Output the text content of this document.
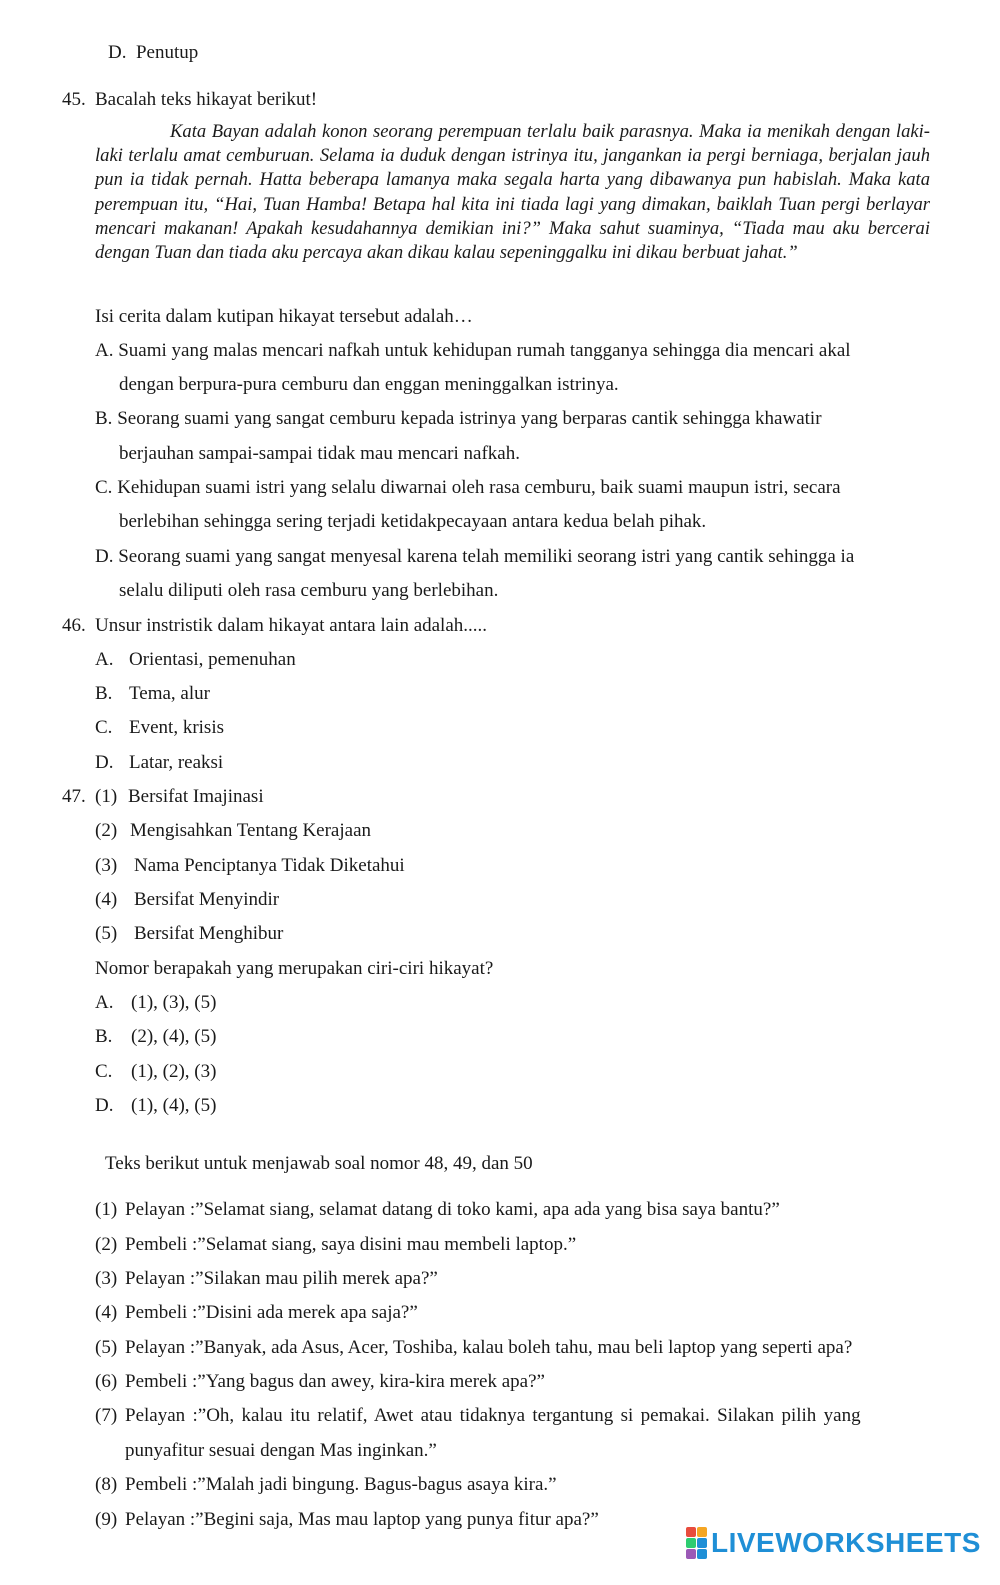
D. Penutup
45. Bacalah teks hikayat berikut!
Kata Bayan adalah konon seorang perempuan terlalu baik parasnya. Maka ia menikah dengan laki-laki terlalu amat cemburuan. Selama ia duduk dengan istrinya itu, jangankan ia pergi berniaga, berjalan jauh pun ia tidak pernah. Hatta beberapa lamanya maka segala harta yang dibawanya pun habislah. Maka kata perempuan itu, “Hai, Tuan Hamba! Betapa hal kita ini tiada lagi yang dimakan, baiklah Tuan pergi berlayar mencari makanan! Apakah kesudahannya demikian ini?” Maka sahut suaminya, “Tiada mau aku bercerai dengan Tuan dan tiada aku percaya akan dikau kalau sepeninggalku ini dikau berbuat jahat.”
Isi cerita dalam kutipan hikayat tersebut adalah…
A. Suami yang malas mencari nafkah untuk kehidupan rumah tangganya sehingga dia mencari akal
dengan berpura-pura cemburu dan enggan meninggalkan istrinya.
B. Seorang suami yang sangat cemburu kepada istrinya yang berparas cantik sehingga khawatir
berjauhan sampai-sampai tidak mau mencari nafkah.
C. Kehidupan suami istri yang selalu diwarnai oleh rasa cemburu, baik suami maupun istri, secara
berlebihan sehingga sering terjadi ketidakpecayaan antara kedua belah pihak.
D. Seorang suami yang sangat menyesal karena telah memiliki seorang istri yang cantik sehingga ia
selalu diliputi oleh rasa cemburu yang berlebihan.
46. Unsur instristik dalam hikayat antara lain adalah.....
A. Orientasi, pemenuhan
B. Tema, alur
C. Event, krisis
D. Latar, reaksi
47. (1) Bersifat Imajinasi
(2) Mengisahkan Tentang Kerajaan
(3) Nama Penciptanya Tidak Diketahui
(4) Bersifat Menyindir
(5) Bersifat Menghibur
Nomor berapakah yang merupakan ciri-ciri hikayat?
A. (1), (3), (5)
B. (2), (4), (5)
C. (1), (2), (3)
D. (1), (4), (5)
Teks berikut untuk menjawab soal nomor 48, 49, dan 50
(1) Pelayan :”Selamat siang, selamat datang di toko kami, apa ada yang bisa saya bantu?”
(2) Pembeli :”Selamat siang, saya disini mau membeli laptop.”
(3) Pelayan :”Silakan mau pilih merek apa?”
(4) Pembeli :”Disini ada merek apa saja?”
(5) Pelayan :”Banyak, ada Asus, Acer, Toshiba, kalau boleh tahu, mau beli laptop yang seperti apa?
(6) Pembeli :”Yang bagus dan awey, kira-kira merek apa?”
(7) Pelayan :”Oh, kalau itu relatif, Awet atau tidaknya tergantung si pemakai. Silakan pilih yang
punyafitur sesuai dengan Mas inginkan.”
(8) Pembeli :”Malah jadi bingung. Bagus-bagus asaya kira.”
(9) Pelayan :”Begini saja, Mas mau laptop yang punya fitur apa?”
LIVEWORKSHEETS
